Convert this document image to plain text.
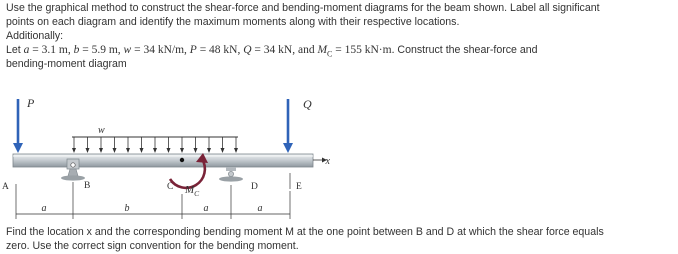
Use the graphical method to construct the shear-force and bending-moment diagrams for the beam shown. Label all significant
points on each diagram and identify the maximum moments along with their respective locations.
Additionally:
Let a = 3.1 m, b = 5.9 m, w = 34 kN/m, P = 48 kN, Q = 34 kN, and $M_C = 155$ kN·m. Construct the shear-force and
bending-moment diagram
x
w
P	Q
B	D
C $M_C$
A	E
a	b	a	a
Find the location x and the corresponding bending moment M at the one point between B and D at which the shear force equals
zero. Use the correct sign convention for the bending moment.
